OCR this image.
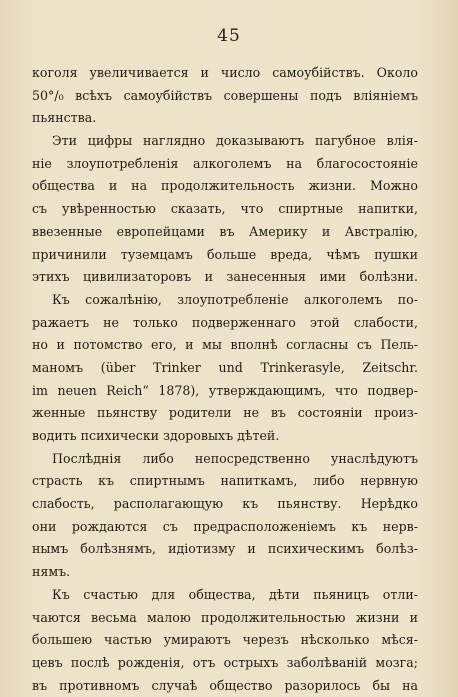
45
коголя увеличивается и число самоубійствъ. Около
50°/₀ всѣхъ самоубійствъ совершены подъ вліяніемъ
пьянства.
Эти цифры наглядно доказываютъ пагубное влія-
ніе злоупотребленія алкоголемъ на благосостояніе
общества и на продолжительность жизни. Можно
съ увѣренностью сказать, что спиртные напитки,
ввезенные европейцами въ Америку и Австралію,
причинили туземцамъ больше вреда, чѣмъ пушки
этихъ цивилизаторовъ и занесенныя ими болѣзни.
Къ сожалѣнію, злоупотребленіе алкоголемъ по-
ражаетъ не только подверженнаго этой слабости,
но и потомство его, и мы вполнѣ согласны съ Пель-
маномъ (über Trinker und Trinkerasyle, Zeitschr.
im neuen Reich“ 1878), утверждающимъ, что подвер-
женные пьянству родители не въ состояніи произ-
водить психически здоровыхъ дѣтей.
Послѣднія либо непосредственно унаслѣдуютъ
страсть къ спиртнымъ напиткамъ, либо нервную
слабость, располагающую къ пьянству. Нерѣдко
они рождаются съ предрасположеніемъ къ нерв-
нымъ болѣзнямъ, идіотизму и психическимъ болѣз-
нямъ.
Къ счастью для общества, дѣти пьяницъ отли-
чаются весьма малою продолжительностью жизни и
большею частью умираютъ черезъ нѣсколько мѣся-
цевъ послѣ рожденія, отъ острыхъ заболѣваній мозга;
въ противномъ случаѣ общество разорилось бы на
